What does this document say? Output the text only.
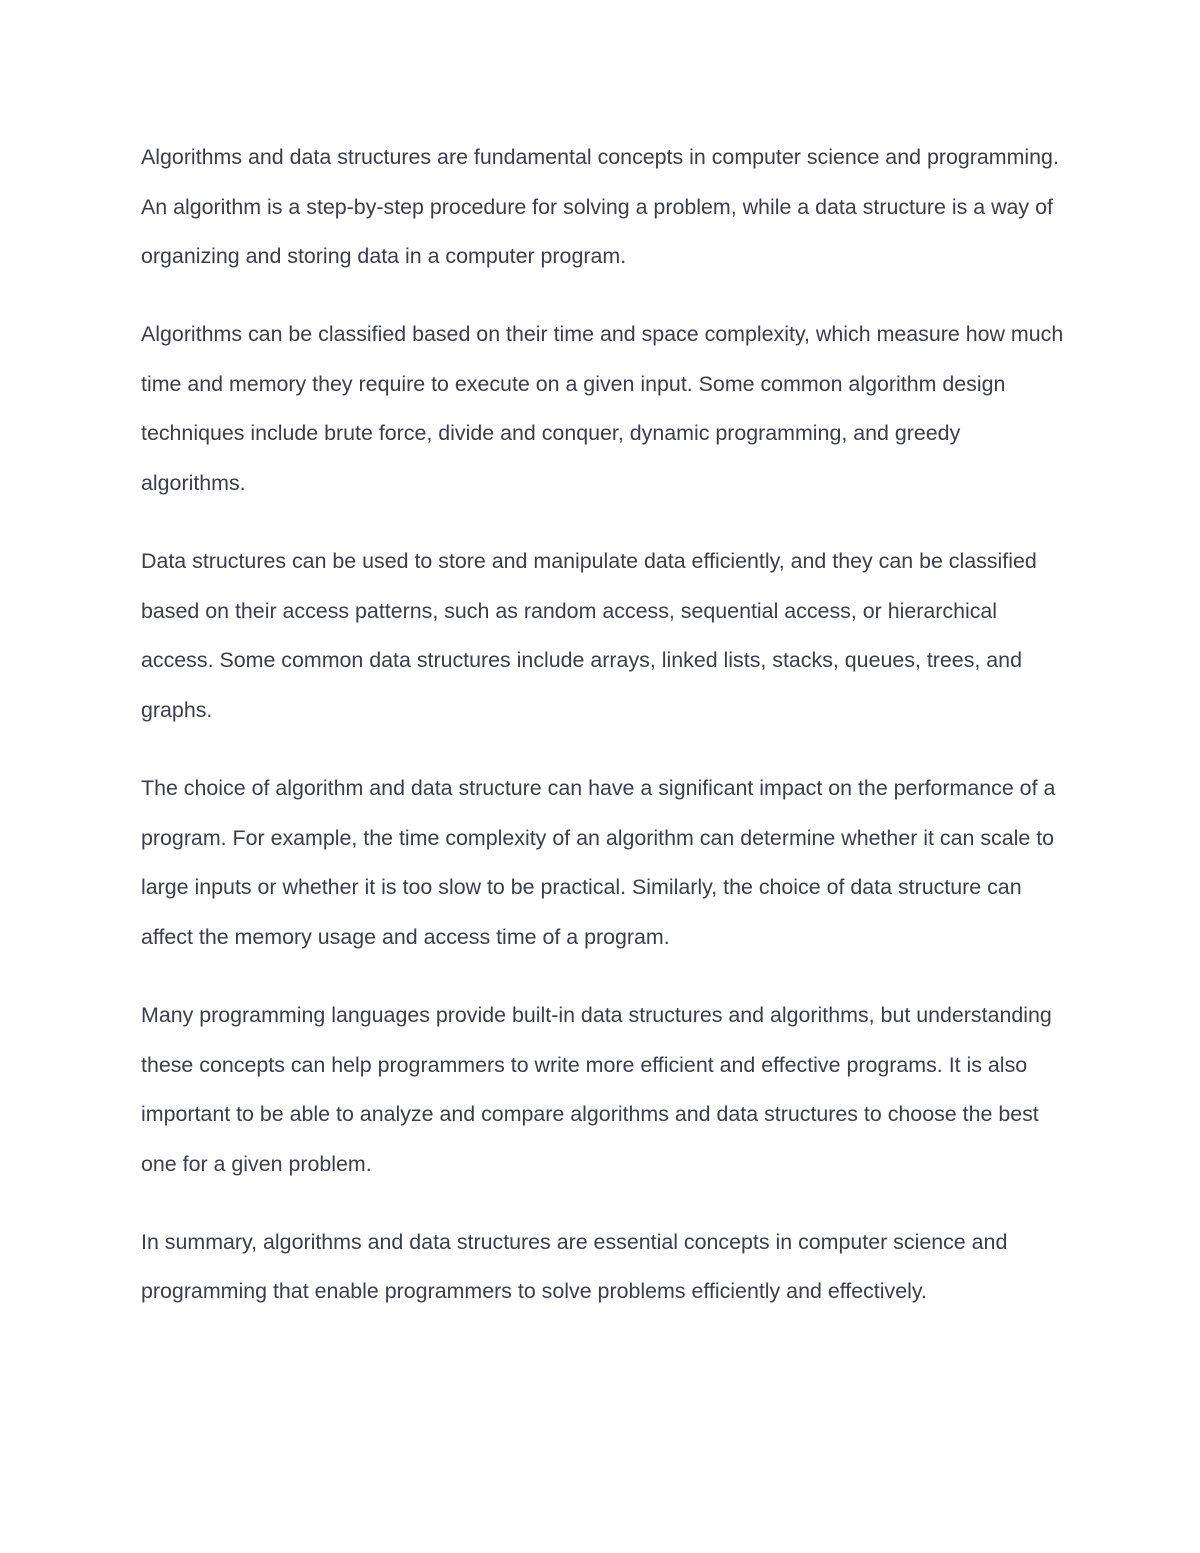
Algorithms and data structures are fundamental concepts in computer science and programming. An algorithm is a step-by-step procedure for solving a problem, while a data structure is a way of organizing and storing data in a computer program.

Algorithms can be classified based on their time and space complexity, which measure how much time and memory they require to execute on a given input. Some common algorithm design techniques include brute force, divide and conquer, dynamic programming, and greedy algorithms.

Data structures can be used to store and manipulate data efficiently, and they can be classified based on their access patterns, such as random access, sequential access, or hierarchical access. Some common data structures include arrays, linked lists, stacks, queues, trees, and graphs.

The choice of algorithm and data structure can have a significant impact on the performance of a program. For example, the time complexity of an algorithm can determine whether it can scale to large inputs or whether it is too slow to be practical. Similarly, the choice of data structure can affect the memory usage and access time of a program.

Many programming languages provide built-in data structures and algorithms, but understanding these concepts can help programmers to write more efficient and effective programs. It is also important to be able to analyze and compare algorithms and data structures to choose the best one for a given problem.

In summary, algorithms and data structures are essential concepts in computer science and programming that enable programmers to solve problems efficiently and effectively.
